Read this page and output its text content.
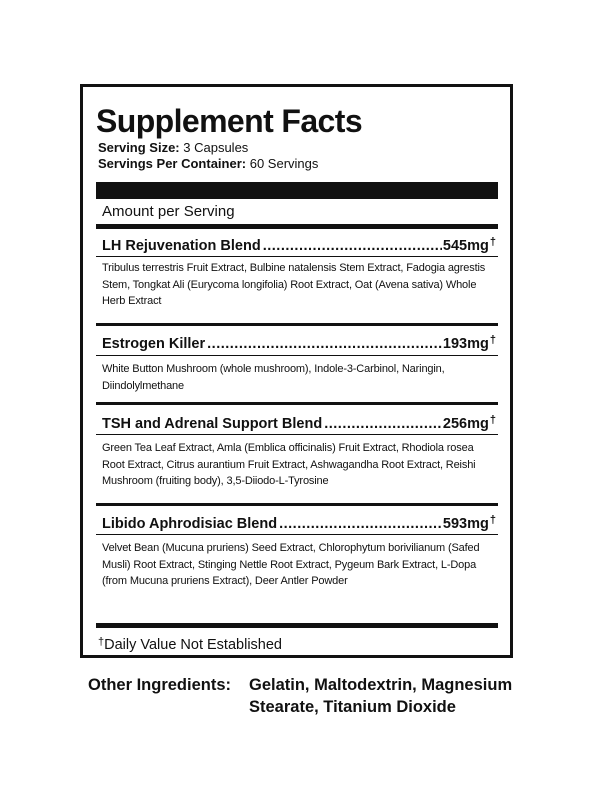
Supplement Facts
Serving Size: 3 Capsules
Servings Per Container: 60 Servings
Amount per Serving
LH Rejuvenation Blend .....	545mg†
Tribulus terrestris Fruit Extract, Bulbine natalensis Stem Extract, Fadogia agrestis Stem, Tongkat Ali (Eurycoma longifolia) Root Extract, Oat (Avena sativa) Whole Herb Extract
Estrogen Killer .....	193mg†
White Button Mushroom (whole mushroom), Indole-3-Carbinol, Naringin, Diindolylmethane
TSH and Adrenal Support Blend .....	256mg†
Green Tea Leaf Extract, Amla (Emblica officinalis) Fruit Extract, Rhodiola rosea Root Extract, Citrus aurantium Fruit Extract, Ashwagandha Root Extract, Reishi Mushroom (fruiting body), 3,5-Diiodo-L-Tyrosine
Libido Aphrodisiac Blend .....	593mg†
Velvet Bean (Mucuna pruriens) Seed Extract, Chlorophytum borivilianum (Safed Musli) Root Extract, Stinging Nettle Root Extract, Pygeum Bark Extract, L-Dopa (from Mucuna pruriens Extract), Deer Antler Powder
†Daily Value Not Established
Other Ingredients: Gelatin, Maltodextrin, Magnesium Stearate, Titanium Dioxide
